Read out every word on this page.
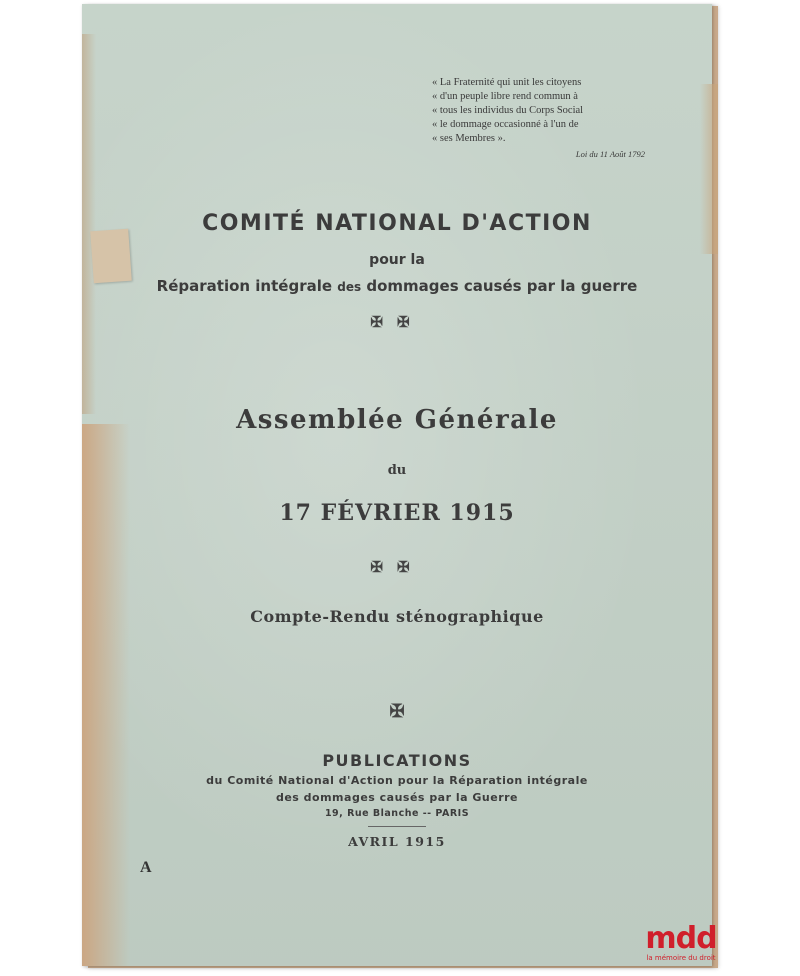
« La Fraternité qui unit les citoyens
« d'un peuple libre rend commun à
« tous les individus du Corps Social
« le dommage occasionné à l'un de
« ses Membres ».
Loi du 11 Août 1792
COMITÉ NATIONAL D'ACTION
pour la
Réparation intégrale des dommages causés par la guerre
✠✠
Assemblée Générale
du
17 FÉVRIER 1915
✠✠
Compte-Rendu sténographique
✠
PUBLICATIONS
du Comité National d'Action pour la Réparation intégrale
des dommages causés par la Guerre
19, Rue Blanche -- PARIS
AVRIL 1915
A
mdd
la mémoire du droit
